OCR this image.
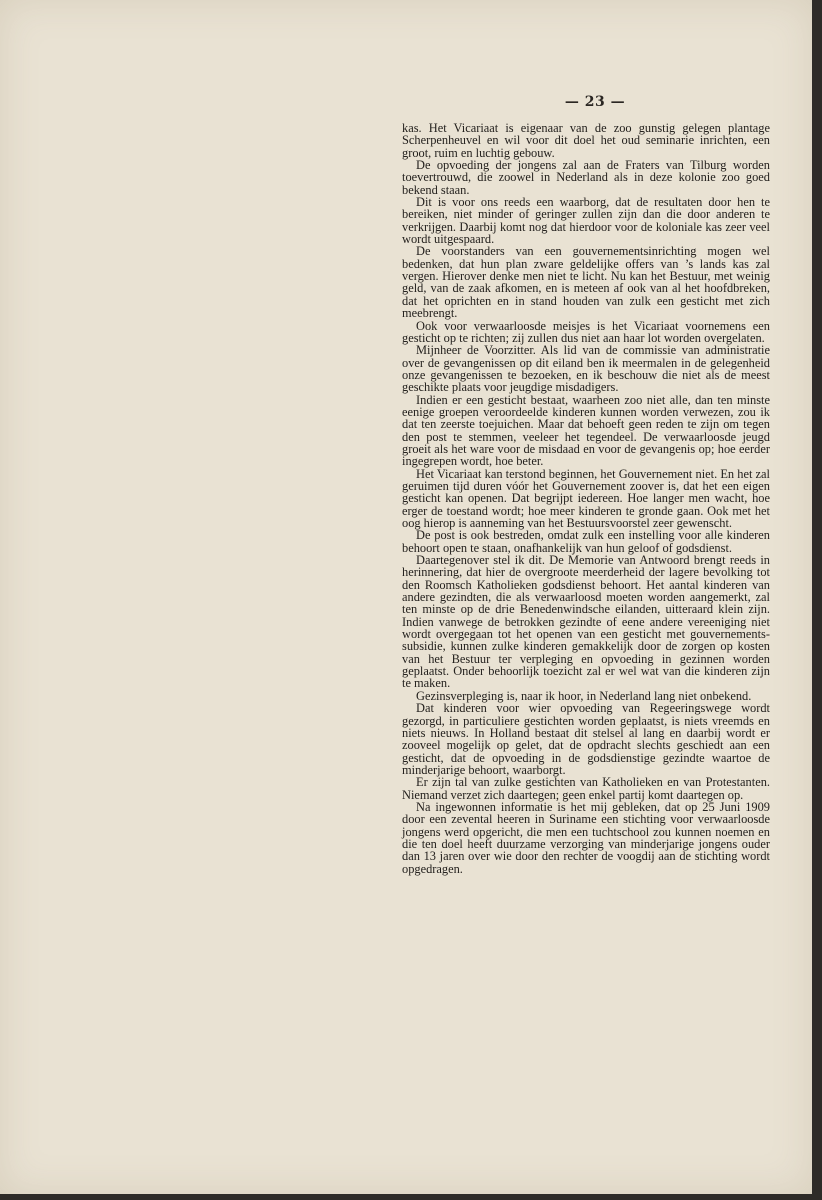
— 23 —

kas. Het Vicariaat is eigenaar van de zoo gunstig gelegen plantage Scherpenheuvel en wil voor dit doel het oud seminarie inrichten, een groot, ruim en luchtig gebouw.

De opvoeding der jongens zal aan de Fraters van Tilburg worden toevertrouwd, die zoowel in Nederland als in deze kolonie zoo goed bekend staan.

Dit is voor ons reeds een waarborg, dat de resultaten door hen te bereiken, niet minder of geringer zullen zijn dan die door anderen te verkrijgen. Daarbij komt nog dat hierdoor voor de koloniale kas zeer veel wordt uitgespaard.

De voorstanders van een gouvernementsinrichting mogen wel bedenken, dat hun plan zware geldelijke offers van ’s lands kas zal vergen. Hierover denke men niet te licht. Nu kan het Bestuur, met weinig geld, van de zaak afkomen, en is meteen af ook van al het hoofdbreken, dat het oprichten en in stand houden van zulk een gesticht met zich meebrengt.

Ook voor verwaarloosde meisjes is het Vicariaat voornemens een gesticht op te richten; zij zullen dus niet aan haar lot worden overgelaten.

Mijnheer de Voorzitter. Als lid van de commissie van administratie over de gevangenissen op dit eiland ben ik meermalen in de gelegenheid onze gevangenissen te bezoeken, en ik beschouw die niet als de meest geschikte plaats voor jeugdige misdadigers.

Indien er een gesticht bestaat, waarheen zoo niet alle, dan ten minste eenige groepen veroordeelde kinderen kunnen worden verwezen, zou ik dat ten zeerste toejuichen. Maar dat behoeft geen reden te zijn om tegen den post te stemmen, veeleer het tegendeel. De verwaarloosde jeugd groeit als het ware voor de misdaad en voor de gevangenis op; hoe eerder ingegrepen wordt, hoe beter.

Het Vicariaat kan terstond beginnen, het Gouvernement niet. En het zal geruimen tijd duren vóór het Gouvernement zoover is, dat het een eigen gesticht kan openen. Dat begrijpt iedereen. Hoe langer men wacht, hoe erger de toestand wordt; hoe meer kinderen te gronde gaan. Ook met het oog hierop is aanneming van het Bestuursvoorstel zeer gewenscht.

De post is ook bestreden, omdat zulk een instelling voor alle kinderen behoort open te staan, onafhankelijk van hun geloof of godsdienst.

Daartegenover stel ik dit. De Memorie van Antwoord brengt reeds in herinnering, dat hier de overgroote meerderheid der lagere bevolking tot den Roomsch Katholieken godsdienst behoort. Het aantal kinderen van andere gezindten, die als verwaarloosd moeten worden aangemerkt, zal ten minste op de drie Benedenwindsche eilanden, uitteraard klein zijn. Indien vanwege de betrokken gezindte of eene andere vereeniging niet wordt overgegaan tot het openen van een gesticht met gouvernements-subsidie, kunnen zulke kinderen gemakkelijk door de zorgen op kosten van het Bestuur ter verpleging en opvoeding in gezinnen worden geplaatst. Onder behoorlijk toezicht zal er wel wat van die kinderen zijn te maken.

Gezinsverpleging is, naar ik hoor, in Nederland lang niet onbekend.

Dat kinderen voor wier opvoeding van Regeeringswege wordt gezorgd, in particuliere gestichten worden geplaatst, is niets vreemds en niets nieuws. In Holland bestaat dit stelsel al lang en daarbij wordt er zooveel mogelijk op gelet, dat de opdracht slechts geschiedt aan een gesticht, dat de opvoeding in de godsdienstige gezindte waartoe de minderjarige behoort, waarborgt.

Er zijn tal van zulke gestichten van Katholieken en van Protestanten. Niemand verzet zich daartegen; geen enkel partij komt daartegen op.

Na ingewonnen informatie is het mij gebleken, dat op 25 Juni 1909 door een zevental heeren in Suriname een stichting voor verwaarloosde jongens werd opgericht, die men een tuchtschool zou kunnen noemen en die ten doel heeft duurzame verzorging van minderjarige jongens ouder dan 13 jaren over wie door den rechter de voogdij aan de stichting wordt opgedragen.
